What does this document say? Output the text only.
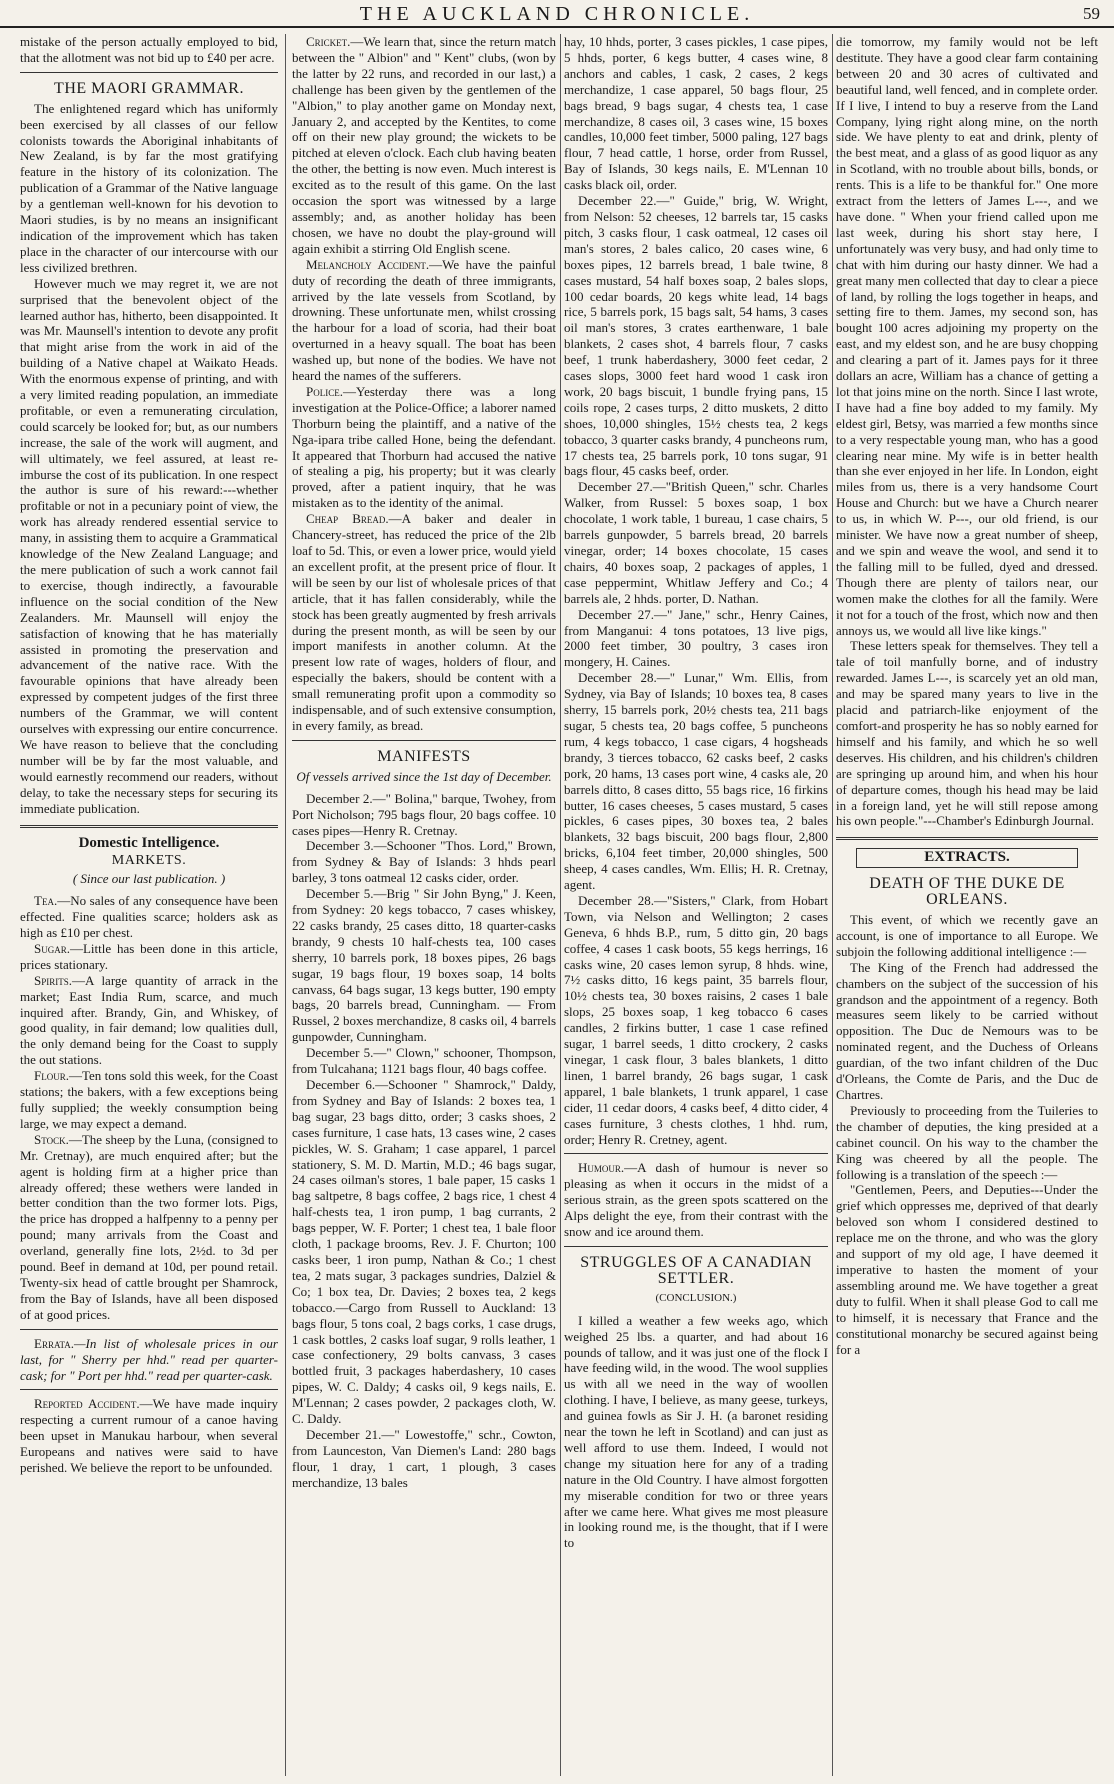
THE AUCKLAND CHRONICLE.	59

mistake of the person actually employed to bid, that the allotment was not bid up to £40 per acre.

THE MAORI GRAMMAR.

The enlightened regard which has uniformly been exercised by all classes of our fellow colonists towards the Aboriginal inhabitants of New Zealand, is by far the most gratifying feature in the history of its colonization. The publication of a Grammar of the Native language by a gentleman well-known for his devotion to Maori studies, is by no means an insignificant indication of the improvement which has taken place in the character of our intercourse with our less civilized brethren.

However much we may regret it, we are not surprised that the benevolent object of the learned author has, hitherto, been disappointed. It was Mr. Maunsell's intention to devote any profit that might arise from the work in aid of the building of a Native chapel at Waikato Heads. With the enormous expense of printing, and with a very limited reading population, an immediate profitable, or even a remunerating circulation, could scarcely be looked for; but, as our numbers increase, the sale of the work will augment, and will ultimately, we feel assured, at least re-imburse the cost of its publication. In one respect the author is sure of his reward:---whether profitable or not in a pecuniary point of view, the work has already rendered essential service to many, in assisting them to acquire a Grammatical knowledge of the New Zealand Language; and the mere publication of such a work cannot fail to exercise, though indirectly, a favourable influence on the social condition of the New Zealanders. Mr. Maunsell will enjoy the satisfaction of knowing that he has materially assisted in promoting the preservation and advancement of the native race. With the favourable opinions that have already been expressed by competent judges of the first three numbers of the Grammar, we will content ourselves with expressing our entire concurrence. We have reason to believe that the concluding number will be by far the most valuable, and would earnestly recommend our readers, without delay, to take the necessary steps for securing its immediate publication.

Domestic Intelligence.
MARKETS.
( Since our last publication. )

Tea.—No sales of any consequence have been effected. Fine qualities scarce; holders ask as high as £10 per chest.

Sugar.—Little has been done in this article, prices stationary.

Spirits.—A large quantity of arrack in the market; East India Rum, scarce, and much inquired after. Brandy, Gin, and Whiskey, of good quality, in fair demand; low qualities dull, the only demand being for the Coast to supply the out stations.

Flour.—Ten tons sold this week, for the Coast stations; the bakers, with a few exceptions being fully supplied; the weekly consumption being large, we may expect a demand.

Stock.—The sheep by the Luna, (consigned to Mr. Cretnay), are much enquired after; but the agent is holding firm at a higher price than already offered; these wethers were landed in better condition than the two former lots. Pigs, the price has dropped a halfpenny to a penny per pound; many arrivals from the Coast and overland, generally fine lots, 2½d. to 3d per pound. Beef in demand at 10d, per pound retail. Twenty-six head of cattle brought per Shamrock, from the Bay of Islands, have all been disposed of at good prices.

Errata.—In list of wholesale prices in our last, for " Sherry per hhd." read per quarter-cask; for " Port per hhd." read per quarter-cask.

Reported Accident.—We have made inquiry respecting a current rumour of a canoe having been upset in Manukau harbour, when several Europeans and natives were said to have perished. We believe the report to be unfounded.

Cricket.—We learn that, since the return match between the " Albion" and " Kent" clubs, (won by the latter by 22 runs, and recorded in our last,) a challenge has been given by the gentlemen of the "Albion," to play another game on Monday next, January 2, and accepted by the Kentites, to come off on their new play ground; the wickets to be pitched at eleven o'clock. Each club having beaten the other, the betting is now even. Much interest is excited as to the result of this game. On the last occasion the sport was witnessed by a large assembly; and, as another holiday has been chosen, we have no doubt the play-ground will again exhibit a stirring Old English scene.

Melancholy Accident.—We have the painful duty of recording the death of three immigrants, arrived by the late vessels from Scotland, by drowning. These unfortunate men, whilst crossing the harbour for a load of scoria, had their boat overturned in a heavy squall. The boat has been washed up, but none of the bodies. We have not heard the names of the sufferers.

Police.—Yesterday there was a long investigation at the Police-Office; a laborer named Thorburn being the plaintiff, and a native of the Nga-ipara tribe called Hone, being the defendant. It appeared that Thorburn had accused the native of stealing a pig, his property; but it was clearly proved, after a patient inquiry, that he was mistaken as to the identity of the animal.

Cheap Bread.—A baker and dealer in Chancery-street, has reduced the price of the 2lb loaf to 5d. This, or even a lower price, would yield an excellent profit, at the present price of flour. It will be seen by our list of wholesale prices of that article, that it has fallen considerably, while the stock has been greatly augmented by fresh arrivals during the present month, as will be seen by our import manifests in another column. At the present low rate of wages, holders of flour, and especially the bakers, should be content with a small remunerating profit upon a commodity so indispensable, and of such extensive consumption, in every family, as bread.

MANIFESTS
Of vessels arrived since the 1st day of December.

December 2.—" Bolina," barque, Twohey, from Port Nicholson; 795 bags flour, 20 bags coffee. 10 cases pipes—Henry R. Cretnay.

December 3.—Schooner "Thos. Lord," Brown, from Sydney & Bay of Islands: 3 hhds pearl barley, 3 tons oatmeal 12 casks cider, order.

December 5.—Brig " Sir John Byng," J. Keen, from Sydney: 20 kegs tobacco, 7 cases whiskey, 22 casks brandy, 25 cases ditto, 18 quarter-casks brandy, 9 chests 10 half-chests tea, 100 cases sherry, 10 barrels pork, 18 boxes pipes, 26 bags sugar, 19 bags flour, 19 boxes soap, 14 bolts canvass, 64 bags sugar, 13 kegs butter, 190 empty bags, 20 barrels bread, Cunningham. — From Russel, 2 boxes merchandize, 8 casks oil, 4 barrels gunpowder, Cunningham.

December 5.—" Clown," schooner, Thompson, from Tulcahana; 1121 bags flour, 40 bags coffee.

December 6.—Schooner " Shamrock," Daldy, from Sydney and Bay of Islands: 2 boxes tea, 1 bag sugar, 23 bags ditto, order; 3 casks shoes, 2 cases furniture, 1 case hats, 13 cases wine, 2 cases pickles, W. S. Graham; 1 case apparel, 1 parcel stationery, S. M. D. Martin, M.D.; 46 bags sugar, 24 cases oilman's stores, 1 bale paper, 15 casks 1 bag saltpetre, 8 bags coffee, 2 bags rice, 1 chest 4 half-chests tea, 1 iron pump, 1 bag currants, 2 bags pepper, W. F. Porter; 1 chest tea, 1 bale floor cloth, 1 package brooms, Rev. J. F. Churton; 100 casks beer, 1 iron pump, Nathan & Co.; 1 chest tea, 2 mats sugar, 3 packages sundries, Dalziel & Co; 1 box tea, Dr. Davies; 2 boxes tea, 2 kegs tobacco.—Cargo from Russell to Auckland: 13 bags flour, 5 tons coal, 2 bags corks, 1 case drugs, 1 cask bottles, 2 casks loaf sugar, 9 rolls leather, 1 case confectionery, 29 bolts canvass, 3 cases bottled fruit, 3 packages haberdashery, 10 cases pipes, W. C. Daldy; 4 casks oil, 9 kegs nails, E. M'Lennan; 2 cases powder, 2 packages cloth, W. C. Daldy.

December 21.—" Lowestoffe," schr., Cowton, from Launceston, Van Diemen's Land: 280 bags flour, 1 dray, 1 cart, 1 plough, 3 cases merchandize, 13 bales

hay, 10 hhds, porter, 3 cases pickles, 1 case pipes, 5 hhds, porter, 6 kegs butter, 4 cases wine, 8 anchors and cables, 1 cask, 2 cases, 2 kegs merchandize, 1 case apparel, 50 bags flour, 25 bags bread, 9 bags sugar, 4 chests tea, 1 case merchandize, 8 cases oil, 3 cases wine, 15 boxes candles, 10,000 feet timber, 5000 paling, 127 bags flour, 7 head cattle, 1 horse, order from Russel, Bay of Islands, 30 kegs nails, E. M'Lennan 10 casks black oil, order.

December 22.—" Guide," brig, W. Wright, from Nelson: 52 cheeses, 12 barrels tar, 15 casks pitch, 3 casks flour, 1 cask oatmeal, 12 cases oil man's stores, 2 bales calico, 20 cases wine, 6 boxes pipes, 12 barrels bread, 1 bale twine, 8 cases mustard, 54 half boxes soap, 2 bales slops, 100 cedar boards, 20 kegs white lead, 14 bags rice, 5 barrels pork, 15 bags salt, 54 hams, 3 cases oil man's stores, 3 crates earthenware, 1 bale blankets, 2 cases shot, 4 barrels flour, 7 casks beef, 1 trunk haberdashery, 3000 feet cedar, 2 cases slops, 3000 feet hard wood 1 cask iron work, 20 bags biscuit, 1 bundle frying pans, 15 coils rope, 2 cases turps, 2 ditto muskets, 2 ditto shoes, 10,000 shingles, 15½ chests tea, 2 kegs tobacco, 3 quarter casks brandy, 4 puncheons rum, 17 chests tea, 25 barrels pork, 10 tons sugar, 91 bags flour, 45 casks beef, order.

December 27.—"British Queen," schr. Charles Walker, from Russel: 5 boxes soap, 1 box chocolate, 1 work table, 1 bureau, 1 case chairs, 5 barrels gunpowder, 5 barrels bread, 20 barrels vinegar, order; 14 boxes chocolate, 15 cases chairs, 40 boxes soap, 2 packages of apples, 1 case peppermint, Whitlaw Jeffery and Co.; 4 barrels ale, 2 hhds. porter, D. Nathan.

December 27.—" Jane," schr., Henry Caines, from Manganui: 4 tons potatoes, 13 live pigs, 2000 feet timber, 30 poultry, 3 cases iron mongery, H. Caines.

December 28.—" Lunar," Wm. Ellis, from Sydney, via Bay of Islands; 10 boxes tea, 8 cases sherry, 15 barrels pork, 20½ chests tea, 211 bags sugar, 5 chests tea, 20 bags coffee, 5 puncheons rum, 4 kegs tobacco, 1 case cigars, 4 hogsheads brandy, 3 tierces tobacco, 62 casks beef, 2 casks pork, 20 hams, 13 cases port wine, 4 casks ale, 20 barrels ditto, 8 cases ditto, 55 bags rice, 16 firkins butter, 16 cases cheeses, 5 cases mustard, 5 cases pickles, 6 cases pipes, 30 boxes tea, 2 bales blankets, 32 bags biscuit, 200 bags flour, 2,800 bricks, 6,104 feet timber, 20,000 shingles, 500 sheep, 4 cases candles, Wm. Ellis; H. R. Cretnay, agent.

December 28.—"Sisters," Clark, from Hobart Town, via Nelson and Wellington; 2 cases Geneva, 6 hhds B.P., rum, 5 ditto gin, 20 bags coffee, 4 cases 1 cask boots, 55 kegs herrings, 16 casks wine, 20 cases lemon syrup, 8 hhds. wine, 7½ casks ditto, 16 kegs paint, 35 barrels flour, 10½ chests tea, 30 boxes raisins, 2 cases 1 bale slops, 25 boxes soap, 1 keg tobacco 6 cases candles, 2 firkins butter, 1 case 1 case refined sugar, 1 barrel seeds, 1 ditto crockery, 2 casks vinegar, 1 cask flour, 3 bales blankets, 1 ditto linen, 1 barrel brandy, 26 bags sugar, 1 cask apparel, 1 bale blankets, 1 trunk apparel, 1 case cider, 11 cedar doors, 4 casks beef, 4 ditto cider, 4 cases furniture, 3 chests clothes, 1 hhd. rum, order; Henry R. Cretney, agent.

Humour.—A dash of humour is never so pleasing as when it occurs in the midst of a serious strain, as the green spots scattered on the Alps delight the eye, from their contrast with the snow and ice around them.

STRUGGLES OF A CANADIAN SETTLER.
(CONCLUSION.)

I killed a weather a few weeks ago, which weighed 25 lbs. a quarter, and had about 16 pounds of tallow, and it was just one of the flock I have feeding wild, in the wood. The wool supplies us with all we need in the way of woollen clothing. I have, I believe, as many geese, turkeys, and guinea fowls as Sir J. H. (a baronet residing near the town he left in Scotland) and can just as well afford to use them. Indeed, I would not change my situation here for any of a trading nature in the Old Country. I have almost forgotten my miserable condition for two or three years after we came here. What gives me most pleasure in looking round me, is the thought, that if I were to

die tomorrow, my family would not be left destitute. They have a good clear farm containing between 20 and 30 acres of cultivated and beautiful land, well fenced, and in complete order. If I live, I intend to buy a reserve from the Land Company, lying right along mine, on the north side. We have plenty to eat and drink, plenty of the best meat, and a glass of as good liquor as any in Scotland, with no trouble about bills, bonds, or rents. This is a life to be thankful for." One more extract from the letters of James L---, and we have done. " When your friend called upon me last week, during his short stay here, I unfortunately was very busy, and had only time to chat with him during our hasty dinner. We had a great many men collected that day to clear a piece of land, by rolling the logs together in heaps, and setting fire to them. James, my second son, has bought 100 acres adjoining my property on the east, and my eldest son, and he are busy chopping and clearing a part of it. James pays for it three dollars an acre, William has a chance of getting a lot that joins mine on the north. Since I last wrote, I have had a fine boy added to my family. My eldest girl, Betsy, was married a few months since to a very respectable young man, who has a good clearing near mine. My wife is in better health than she ever enjoyed in her life. In London, eight miles from us, there is a very handsome Court House and Church: but we have a Church nearer to us, in which W. P---, our old friend, is our minister. We have now a great number of sheep, and we spin and weave the wool, and send it to the falling mill to be fulled, dyed and dressed. Though there are plenty of tailors near, our women make the clothes for all the family. Were it not for a touch of the frost, which now and then annoys us, we would all live like kings."

These letters speak for themselves. They tell a tale of toil manfully borne, and of industry rewarded. James L---, is scarcely yet an old man, and may be spared many years to live in the placid and patriarch-like enjoyment of the comfort-and prosperity he has so nobly earned for himself and his family, and which he so well deserves. His children, and his children's children are springing up around him, and when his hour of departure comes, though his head may be laid in a foreign land, yet he will still repose among his own people."---Chamber's Edinburgh Journal.

EXTRACTS.
DEATH OF THE DUKE DE ORLEANS.

This event, of which we recently gave an account, is one of importance to all Europe. We subjoin the following additional intelligence :—

The King of the French had addressed the chambers on the subject of the succession of his grandson and the appointment of a regency. Both measures seem likely to be carried without opposition. The Duc de Nemours was to be nominated regent, and the Duchess of Orleans guardian, of the two infant children of the Duc d'Orleans, the Comte de Paris, and the Duc de Chartres.

Previously to proceeding from the Tuileries to the chamber of deputies, the king presided at a cabinet council. On his way to the chamber the King was cheered by all the people. The following is a translation of the speech :—

"Gentlemen, Peers, and Deputies---Under the grief which oppresses me, deprived of that dearly beloved son whom I considered destined to replace me on the throne, and who was the glory and support of my old age, I have deemed it imperative to hasten the moment of your assembling around me. We have together a great duty to fulfil. When it shall please God to call me to himself, it is necessary that France and the constitutional monarchy be secured against being for a
